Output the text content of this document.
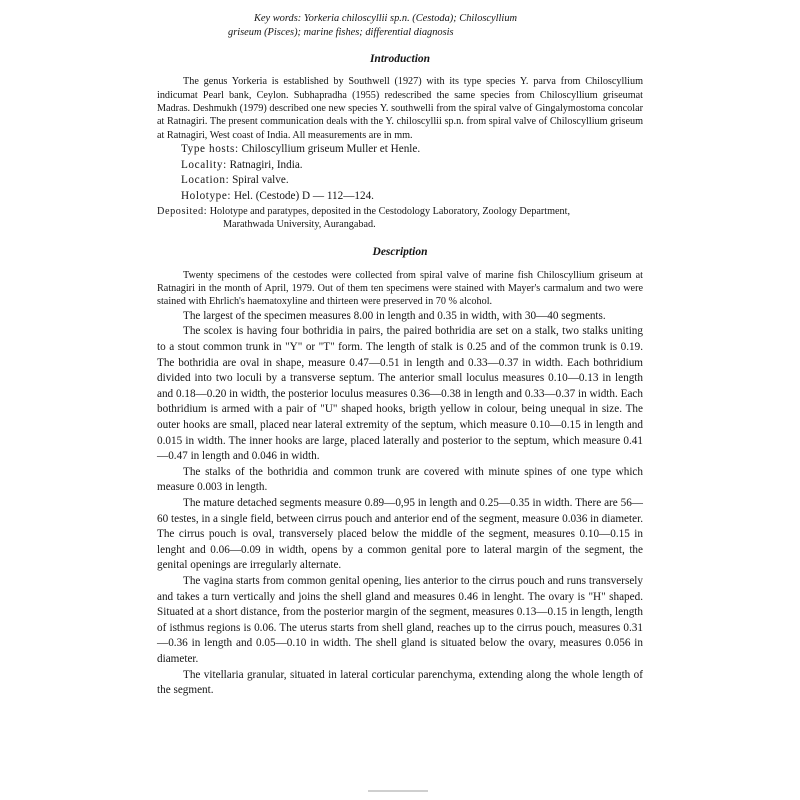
Key words: Yorkeria chiloscyllii sp.n. (Cestoda); Chiloscyllium
griseum (Pisces); marine fishes; differential diagnosis
Introduction

The genus Yorkeria is established by Southwell (1927) with its type species Y. parva from Chiloscyllium indicumat Pearl bank, Ceylon. Subhapradha (1955) redescribed the same species from Chiloscyllium griseumat Madras. Deshmukh (1979) described one new species Y. southwelli from the spiral valve of Gingalymostoma concolar at Ratnagiri. The present communication deals with the Y. chiloscyllii sp.n. from spiral valve of Chiloscyllium griseum at Ratnagiri, West coast of India. All measurements are in mm.

Type hosts: Chiloscyllium griseum Muller et Henle.

Locality: Ratnagiri, India.

Location: Spiral valve.

Holotype: Hel. (Cestode) D — 112—124.

Deposited: Holotype and paratypes, deposited in the Cestodology Laboratory, Zoology Department,
Marathwada University, Aurangabad.

Description

Twenty specimens of the cestodes were collected from spiral valve of marine fish Chiloscyllium griseum at Ratnagiri in the month of April, 1979. Out of them ten specimens were stained with Mayer's carmalum and two were stained with Ehrlich's haematoxyline and thirteen were preserved in 70 % alcohol.

The largest of the specimen measures 8.00 in length and 0.35 in width, with 30—40 segments.

The scolex is having four bothridia in pairs, the paired bothridia are set on a stalk, two stalks uniting to a stout common trunk in "Y" or "T" form. The length of stalk is 0.25 and of the common trunk is 0.19. The bothridia are oval in shape, measure 0.47—0.51 in length and 0.33—0.37 in width. Each bothridium divided into two loculi by a transverse septum. The anterior small loculus measures 0.10—0.13 in length and 0.18—0.20 in width, the posterior loculus measures 0.36—0.38 in length and 0.33—0.37 in width. Each bothridium is armed with a pair of "U" shaped hooks, brigth yellow in colour, being unequal in size. The outer hooks are small, placed near lateral extremity of the septum, which measure 0.10—0.15 in length and 0.015 in width. The inner hooks are large, placed laterally and posterior to the septum, which measure 0.41—0.47 in length and 0.046 in width.

The stalks of the bothridia and common trunk are covered with minute spines of one type which measure 0.003 in length.

The mature detached segments measure 0.89—0,95 in length and 0.25—0.35 in width. There are 56—60 testes, in a single field, between cirrus pouch and anterior end of the segment, measure 0.036 in diameter. The cirrus pouch is oval, transversely placed below the middle of the segment, measures 0.10—0.15 in lenght and 0.06—0.09 in width, opens by a common genital pore to lateral margin of the segment, the genital openings are irregularly alternate.

The vagina starts from common genital opening, lies anterior to the cirrus pouch and runs transversely and takes a turn vertically and joins the shell gland and measures 0.46 in lenght. The ovary is "H" shaped. Situated at a short distance, from the posterior margin of the segment, measures 0.13—0.15 in length, length of isthmus regions is 0.06. The uterus starts from shell gland, reaches up to the cirrus pouch, measures 0.31—0.36 in length and 0.05—0.10 in width. The shell gland is situated below the ovary, measures 0.056 in diameter.

The vitellaria granular, situated in lateral corticular parenchyma, extending along the whole length of the segment.
